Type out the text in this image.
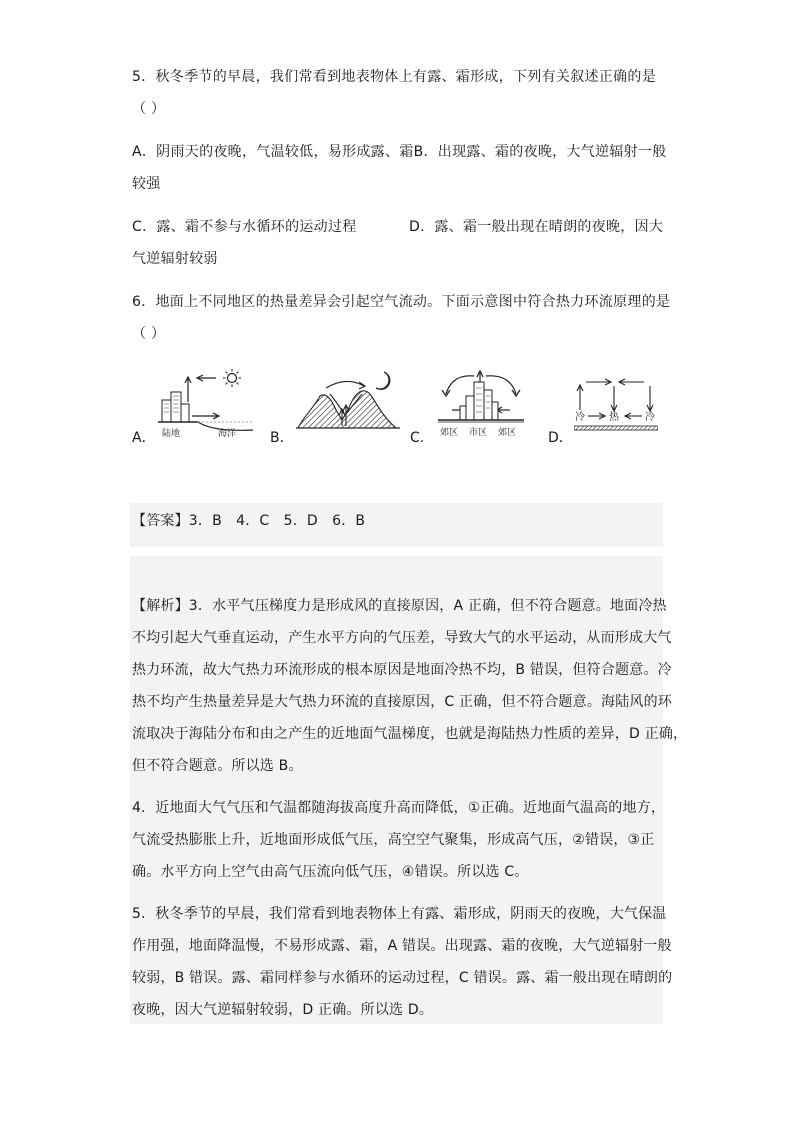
5．秋冬季节的早晨，我们常看到地表物体上有露、霜形成，下列有关叙述正确的是
（ ）
A．阴雨天的夜晚，气温较低，易形成露、霜B．出现露、霜的夜晚，大气逆辐射一般
较强
C．露、霜不参与水循环的运动过程	D．露、霜一般出现在晴朗的夜晚，因大
气逆辐射较弱
6．地面上不同地区的热量差异会引起空气流动。下面示意图中符合热力环流原理的是
（ ）
A． 陆地	海洋 B．	C． 郊区 市区 郊区 D．
冷 热	冷
【答案】3．B　4．C　5．D　6．B
【解析】3．水平气压梯度力是形成风的直接原因，A 正确，但不符合题意。地面冷热
不均引起大气垂直运动，产生水平方向的气压差，导致大气的水平运动，从而形成大气
热力环流，故大气热力环流形成的根本原因是地面冷热不均，B 错误，但符合题意。冷
热不均产生热量差异是大气热力环流的直接原因，C 正确，但不符合题意。海陆风的环
流取决于海陆分布和由之产生的近地面气温梯度，也就是海陆热力性质的差异，D 正确，
但不符合题意。所以选 B。
4．近地面大气气压和气温都随海拔高度升高而降低，①正确。近地面气温高的地方，
气流受热膨胀上升，近地面形成低气压，高空空气聚集，形成高气压，②错误，③正
确。水平方向上空气由高气压流向低气压，④错误。所以选 C。
5．秋冬季节的早晨，我们常看到地表物体上有露、霜形成，阴雨天的夜晚，大气保温
作用强，地面降温慢，不易形成露、霜，A 错误。出现露、霜的夜晚，大气逆辐射一般
较弱，B 错误。露、霜同样参与水循环的运动过程，C 错误。露、霜一般出现在晴朗的
夜晚，因大气逆辐射较弱，D 正确。所以选 D。
